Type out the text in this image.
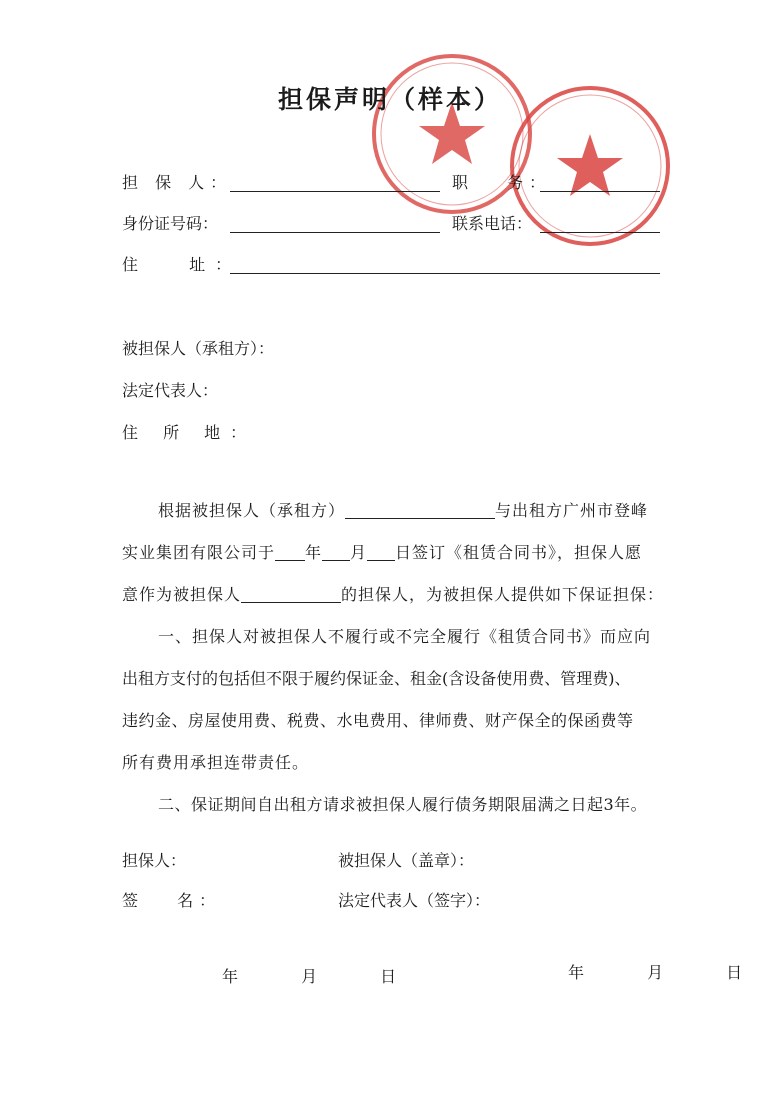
担保声明（样本）
担 保 人：	职　 务：
身份证号码：	联系电话：
住　 址：
被担保人（承租方）：
法定代表人：
住 所 地：
根据被担保人（承租方）	与出租方广州市登峰
实业集团有限公司于 年 月 日签订《租赁合同书》，担保人愿
意作为被担保人	的担保人，为被担保人提供如下保证担保：
一、担保人对被担保人不履行或不完全履行《租赁合同书》而应向
出租方支付的包括但不限于履约保证金、租金(含设备使用费、管理费)、
违约金、房屋使用费、税费、水电费用、律师费、财产保全的保函费等
所有费用承担连带责任。
二、保证期间自出租方请求被担保人履行债务期限届满之日起3年。
担保人：	被担保人（盖章）：
签　 名：	法定代表人（签字）：
年　 月　 日	年　 月　 日
